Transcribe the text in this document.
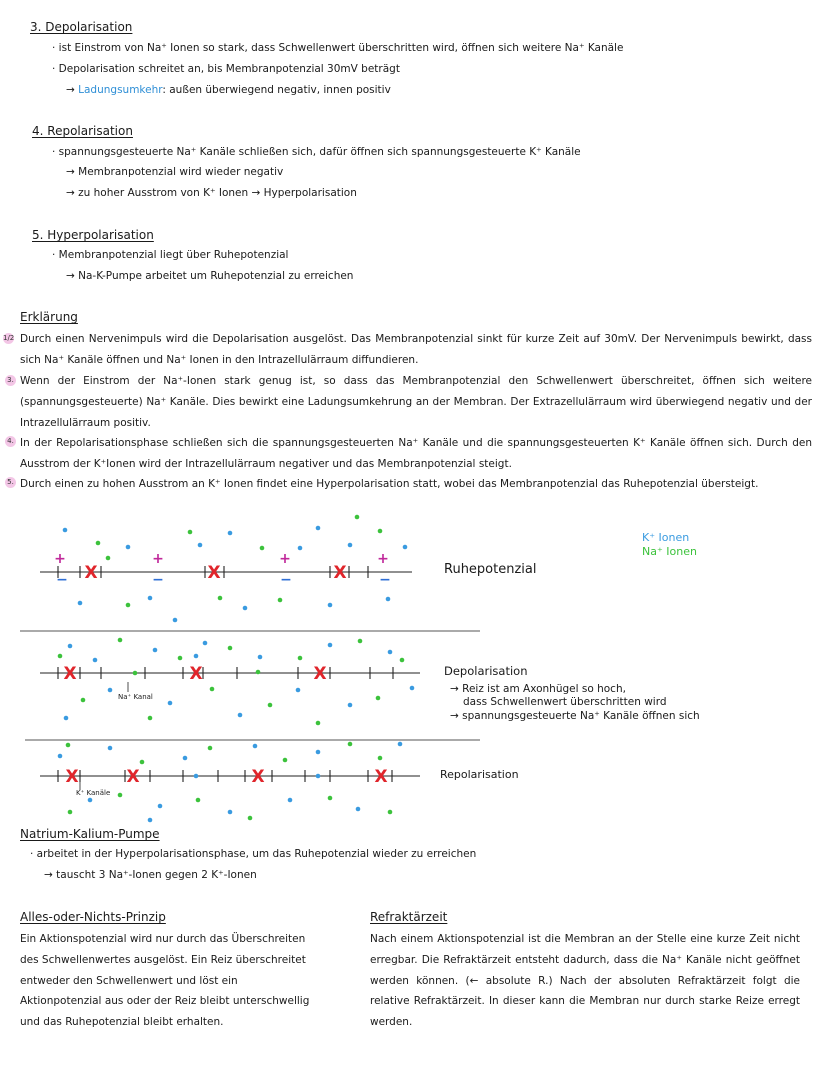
3. Depolarisation
· ist Einstrom von Na⁺ Ionen so stark, dass Schwellenwert überschritten wird, öffnen sich weitere Na⁺ Kanäle
· Depolarisation schreitet an, bis Membranpotenzial 30mV beträgt
→ Ladungsumkehr: außen überwiegend negativ, innen positiv
4. Repolarisation
· spannungsgesteuerte Na⁺ Kanäle schließen sich, dafür öffnen sich spannungsgesteuerte K⁺ Kanäle
→ Membranpotenzial wird wieder negativ
→ zu hoher Ausstrom von K⁺ Ionen → Hyperpolarisation
5. Hyperpolarisation
· Membranpotenzial liegt über Ruhepotenzial
→ Na-K-Pumpe arbeitet um Ruhepotenzial zu erreichen
Erklärung
1/2
3.
4.
5.
Durch einen Nervenimpuls wird die Depolarisation ausgelöst. Das Membranpotenzial sinkt für kurze Zeit auf 30mV. Der Nervenimpuls bewirkt, dass sich Na⁺ Kanäle öffnen und Na⁺ Ionen in den Intrazellulärraum diffundieren.
Wenn der Einstrom der Na⁺-Ionen stark genug ist, so dass das Membranpotenzial den Schwellenwert überschreitet, öffnen sich weitere (spannungsgesteuerte) Na⁺ Kanäle. Dies bewirkt eine Ladungsumkehrung an der Membran. Der Extrazellulärraum wird überwiegend negativ und der Intrazellulärraum positiv.
In der Repolarisationsphase schließen sich die spannungsgesteuerten Na⁺ Kanäle und die spannungsgesteuerten K⁺ Kanäle öffnen sich. Durch den Ausstrom der K⁺Ionen wird der Intrazellulärraum negativer und das Membranpotenzial steigt.
Durch einen zu hohen Ausstrom an K⁺ Ionen findet eine Hyperpolarisation statt, wobei das Membranpotenzial das Ruhepotenzial übersteigt.
X	X	X
+	+	+	+
−	−	−	−
X	X	X
X	X	X	X
K⁺ Ionen
Na⁺ Ionen
Ruhepotenzial
Depolarisation
→ Reiz ist am Axonhügel so hoch,
dass Schwellenwert überschritten wird
→ spannungsgesteuerte Na⁺ Kanäle öffnen sich
Na⁺ Kanal
Repolarisation
K⁺ Kanäle
Natrium-Kalium-Pumpe
· arbeitet in der Hyperpolarisationsphase, um das Ruhepotenzial wieder zu erreichen
→ tauscht 3 Na⁺-Ionen gegen 2 K⁺-Ionen
Alles-oder-Nichts-Prinzip
Ein Aktionspotenzial wird nur durch das Überschreiten des Schwellenwertes ausgelöst. Ein Reiz überschreitet entweder den Schwellenwert und löst ein Aktionpotenzial aus oder der Reiz bleibt unterschwellig und das Ruhepotenzial bleibt erhalten.
Refraktärzeit
Nach einem Aktionspotenzial ist die Membran an der Stelle eine kurze Zeit nicht erregbar. Die Refraktärzeit entsteht dadurch, dass die Na⁺ Kanäle nicht geöffnet werden können. (← absolute R.) Nach der absoluten Refraktärzeit folgt die relative Refraktärzeit. In dieser kann die Membran nur durch starke Reize erregt werden.
